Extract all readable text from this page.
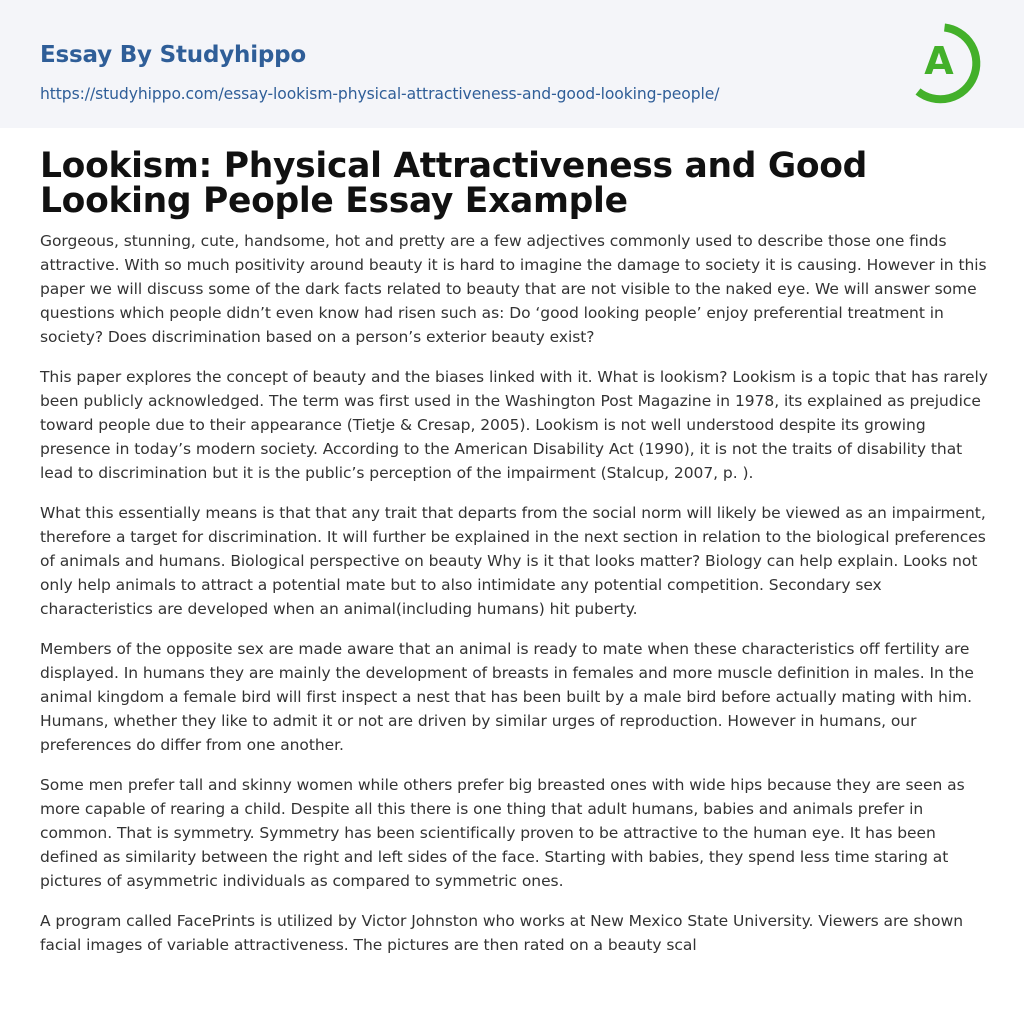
Essay By Studyhippo
https://studyhippo.com/essay-lookism-physical-attractiveness-and-good-looking-people/
A
Lookism: Physical Attractiveness and Good Looking People Essay Example

Gorgeous, stunning, cute, handsome, hot and pretty are a few adjectives commonly used to describe those one finds attractive. With so much positivity around beauty it is hard to imagine the damage to society it is causing. However in this paper we will discuss some of the dark facts related to beauty that are not visible to the naked eye. We will answer some questions which people didn’t even know had risen such as: Do ‘good looking people’ enjoy preferential treatment in society? Does discrimination based on a person’s exterior beauty exist?

This paper explores the concept of beauty and the biases linked with it. What is lookism? Lookism is a topic that has rarely been publicly acknowledged. The term was first used in the Washington Post Magazine in 1978, its explained as prejudice toward people due to their appearance (Tietje & Cresap, 2005). Lookism is not well understood despite its growing presence in today’s modern society. According to the American Disability Act (1990), it is not the traits of disability that lead to discrimination but it is the public’s perception of the impairment (Stalcup, 2007, p. ).

What this essentially means is that that any trait that departs from the social norm will likely be viewed as an impairment, therefore a target for discrimination. It will further be explained in the next section in relation to the biological preferences of animals and humans. Biological perspective on beauty Why is it that looks matter? Biology can help explain. Looks not only help animals to attract a potential mate but to also intimidate any potential competition. Secondary sex characteristics are developed when an animal(including humans) hit puberty.

Members of the opposite sex are made aware that an animal is ready to mate when these characteristics off fertility are displayed. In humans they are mainly the development of breasts in females and more muscle definition in males. In the animal kingdom a female bird will first inspect a nest that has been built by a male bird before actually mating with him. Humans, whether they like to admit it or not are driven by similar urges of reproduction. However in humans, our preferences do differ from one another.

Some men prefer tall and skinny women while others prefer big breasted ones with wide hips because they are seen as more capable of rearing a child. Despite all this there is one thing that adult humans, babies and animals prefer in common. That is symmetry. Symmetry has been scientifically proven to be attractive to the human eye. It has been defined as similarity between the right and left sides of the face. Starting with babies, they spend less time staring at pictures of asymmetric individuals as compared to symmetric ones.

A program called FacePrints is utilized by Victor Johnston who works at New Mexico State University. Viewers are shown facial images of variable attractiveness. The pictures are then rated on a beauty scal
